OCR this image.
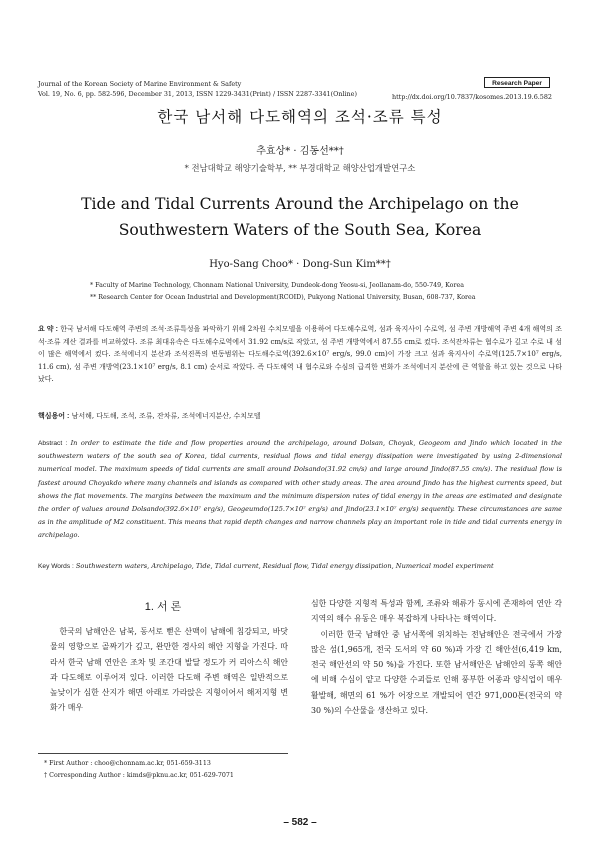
Journal of the Korean Society of Marine Environment & Safety
Vol. 19, No. 6, pp. 582-596, December 31, 2013, ISSN 1229-3431(Print) / ISSN 2287-3341(Online)
Research Paper
http://dx.doi.org/10.7837/kosomes.2013.19.6.582
한국 남서해 다도해역의 조석·조류 특성
추효상* · 김동선**†
* 전남대학교 해양기술학부, ** 부경대학교 해양산업개발연구소
Tide and Tidal Currents Around the Archipelago on the Southwestern Waters of the South Sea, Korea
Hyo-Sang Choo* · Dong-Sun Kim**†
* Faculty of Marine Technology, Chonnam National University, Dundeok-dong Yeosu-si, Jeollanam-do, 550-749, Korea
** Research Center for Ocean Industrial and Development(RCOID), Pukyong National University, Busan, 608-737, Korea
요 약 : 한국 남서해 다도해역 주변의 조석·조류특성을 파악하기 위해 2차원 수치모델을 이용하여 다도해수로역, 섬과 육지사이 수로역, 섬 주변 개방해역 주변 4개 해역의 조석·조류 계산 결과를 비교하였다. 조류 최대유속은 다도해수로역에서 31.92 cm/s로 작았고, 섬 주변 개방역에서 87.55 cm로 컸다. 조석잔차류는 협수로가 깊고 수로 내 섬이 많은 해역에서 컸다. 조석에너지 분산과 조석진폭의 변동범위는 다도해수로역(392.6×10⁷ erg/s, 99.0 cm)이 가장 크고 섬과 육지사이 수로역(125.7×10⁷ erg/s, 11.6 cm), 섬 주변 개방역(23.1×10⁷ erg/s, 8.1 cm) 순서로 작았다. 즉 다도해역 내 협수로와 수심의 급격한 변화가 조석에너지 분산에 큰 역할을 하고 있는 것으로 나타났다.
핵심용어 : 남서해, 다도해, 조석, 조류, 잔차류, 조석에너지분산, 수치모델
Abstract : In order to estimate the tide and flow properties around the archipelago, around Dolsan, Choyak, Geogeom and Jindo which located in the southwestern waters of the south sea of Korea, tidal currents, residual flows and tidal energy dissipation were investigated by using 2-dimensional numerical model. The maximum speeds of tidal currents are small around Dolsando(31.92 cm/s) and large around Jindo(87.55 cm/s). The residual flow is fastest around Choyakdo where many channels and islands as compared with other study areas. The area around Jindo has the highest currents speed, but shows the flat movements. The margins between the maximum and the minimum dispersion rates of tidal energy in the areas are estimated and designate the order of values around Dolsando(392.6×10⁷ erg/s), Geogeumdo(125.7×10⁷ erg/s) and Jindo(23.1×10⁷ erg/s) sequently. These circumstances are same as in the amplitude of M2 constituent. This means that rapid depth changes and narrow channels play an important role in tide and tidal currents energy in archipelago.
Key Words : Southwestern waters, Archipelago, Tide, Tidal current, Residual flow, Tidal energy dissipation, Numerical model experiment
1. 서 론

한국의 남해안은 남북, 동서로 뻗은 산맥이 남해에 침강되고, 바닷물의 영향으로 골짜기가 깊고, 완만한 경사의 해안 지형을 가진다. 따라서 한국 남해 연안은 조차 및 조간대 발달 정도가 커 리아스식 해안과 다도해로 이루어져 있다. 이러한 다도해 주변 해역은 일반적으로 높낮이가 심한 산지가 해면 아래로 가라앉은 지형이어서 해저지형 변화가 매우

심한 다양한 지형적 특성과 함께, 조류와 해류가 동시에 존재하여 연안 각 지역의 해수 유동은 매우 복잡하게 나타나는 해역이다.

이러한 한국 남해안 중 남서쪽에 위치하는 전남해안은 전국에서 가장 많은 섬(1,965개, 전국 도서의 약 60 %)과 가장 긴 해안선(6,419 km, 전국 해안선의 약 50 %)을 가진다. 또한 남서해안은 남해안의 동쪽 해안에 비해 수심이 얕고 다양한 수괴들로 인해 풍부한 어종과 양식업이 매우 활발해, 해면의 61 %가 어장으로 개발되어 연간 971,000톤(전국의 약 30 %)의 수산물을 생산하고 있다.

* First Author : choo@chonnam.ac.kr, 051-659-3113
† Corresponding Author : kimds@pknu.ac.kr, 051-629-7071
– 582 –
